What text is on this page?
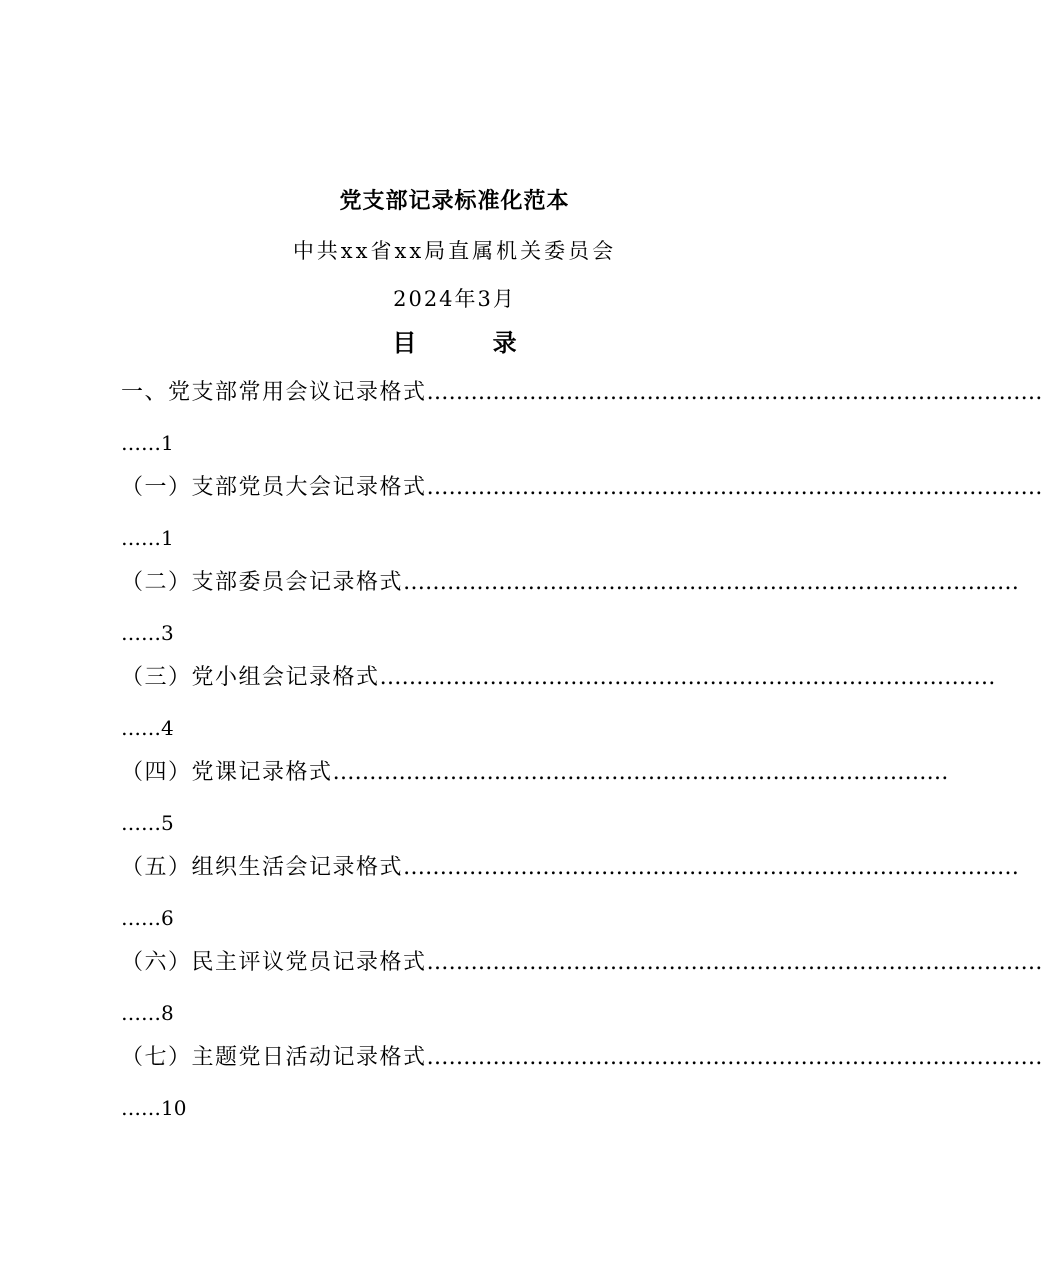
党支部记录标准化范本
中共xx省xx局直属机关委员会
2024年3月
目 录
一、党支部常用会议记录格式…………………………………………………………………………
……1
（一）支部党员大会记录格式…………………………………………………………………………
……1
（二）支部委员会记录格式…………………………………………………………………………
……3
（三）党小组会记录格式…………………………………………………………………………
……4
（四）党课记录格式…………………………………………………………………………
……5
（五）组织生活会记录格式…………………………………………………………………………
……6
（六）民主评议党员记录格式…………………………………………………………………………
……8
（七）主题党日活动记录格式…………………………………………………………………………
……10
